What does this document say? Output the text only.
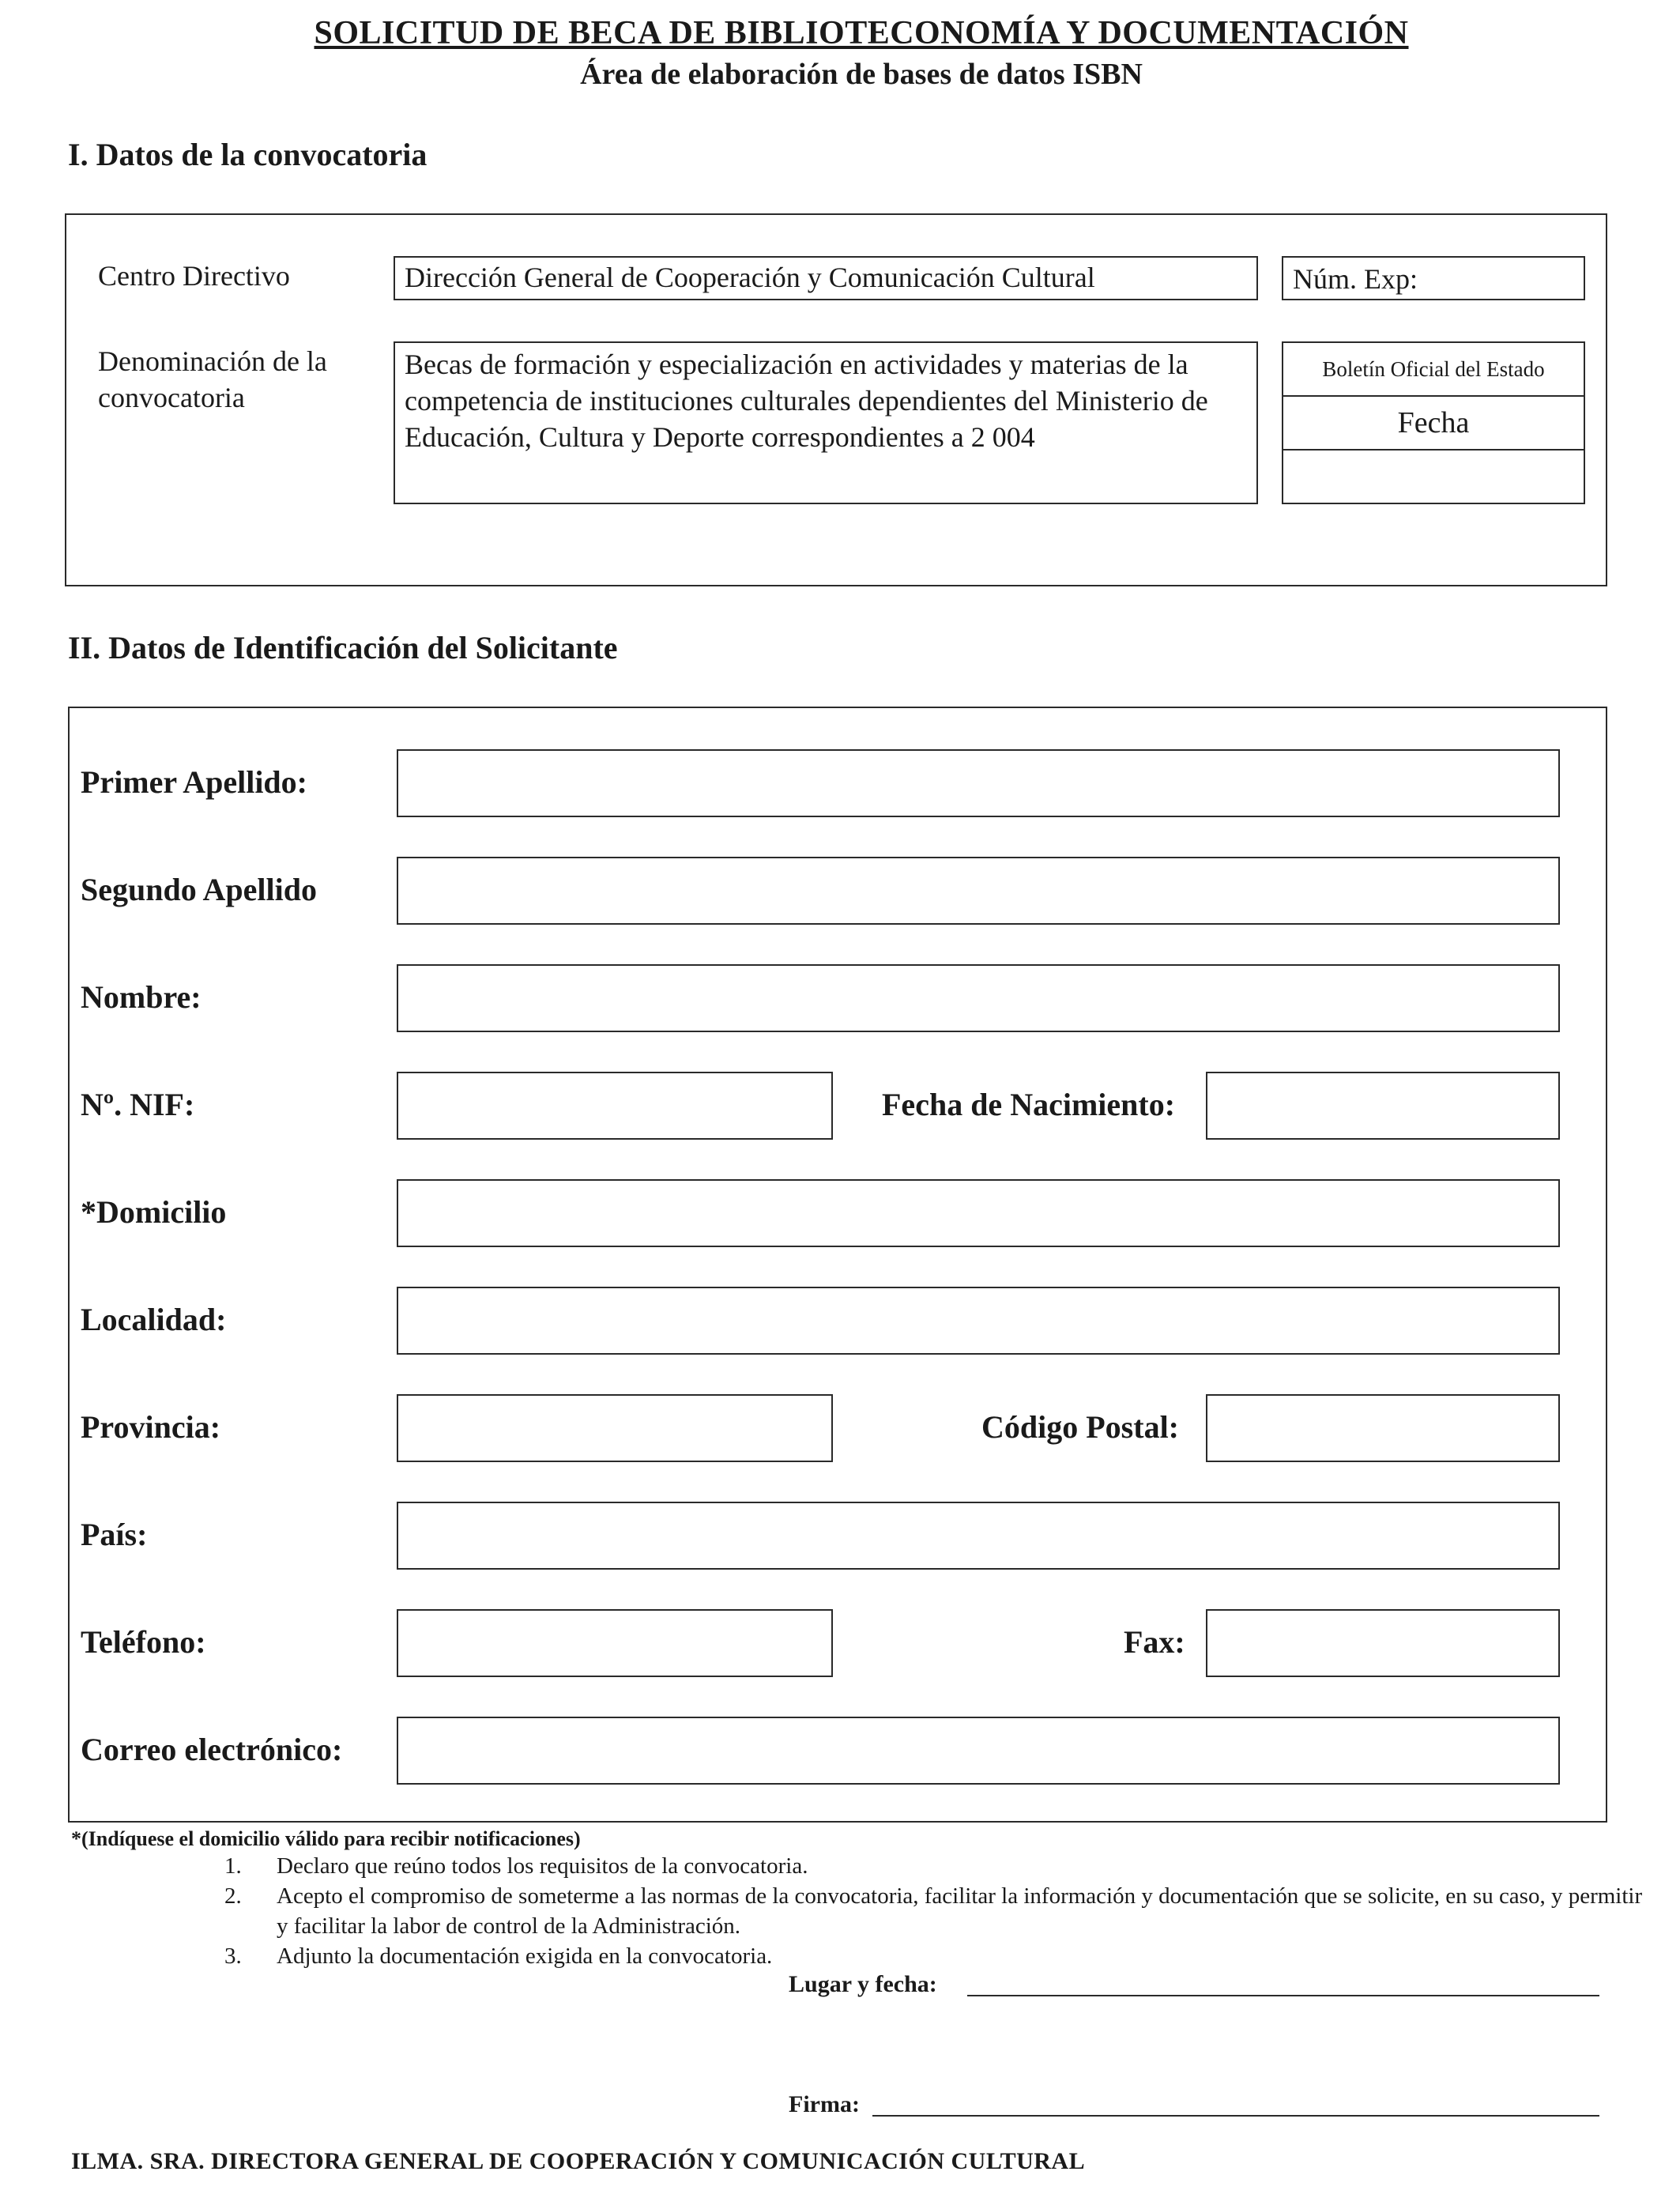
SOLICITUD DE BECA DE BIBLIOTECONOMÍA Y DOCUMENTACIÓN
Área de elaboración de bases de datos ISBN
I. Datos de la convocatoria
Centro Directivo	Dirección General de Cooperación y Comunicación Cultural	Núm. Exp:
Denominación de la convocatoria
Becas de formación y especialización en actividades y materias de la competencia de instituciones culturales dependientes del Ministerio de Educación, Cultura y Deporte correspondientes a 2 004
Boletín Oficial del Estado
Fecha
II. Datos de Identificación del Solicitante
Primer Apellido:
Segundo Apellido
Nombre:
Nº. NIF:	Fecha de Nacimiento:
*Domicilio
Localidad:
Provincia:	Código Postal:
País:
Teléfono:	Fax:
Correo electrónico:
*(Indíquese el domicilio válido para recibir notificaciones)
1.	Declaro que reúno todos los requisitos de la convocatoria.
2.	Acepto el compromiso de someterme a las normas de la convocatoria, facilitar la información y documentación que se solicite, en su caso, y permitir y facilitar la labor de control de la Administración.
3.	Adjunto la documentación exigida en la convocatoria.
Lugar y fecha:
Firma:
ILMA. SRA. DIRECTORA GENERAL DE COOPERACIÓN Y COMUNICACIÓN CULTURAL
